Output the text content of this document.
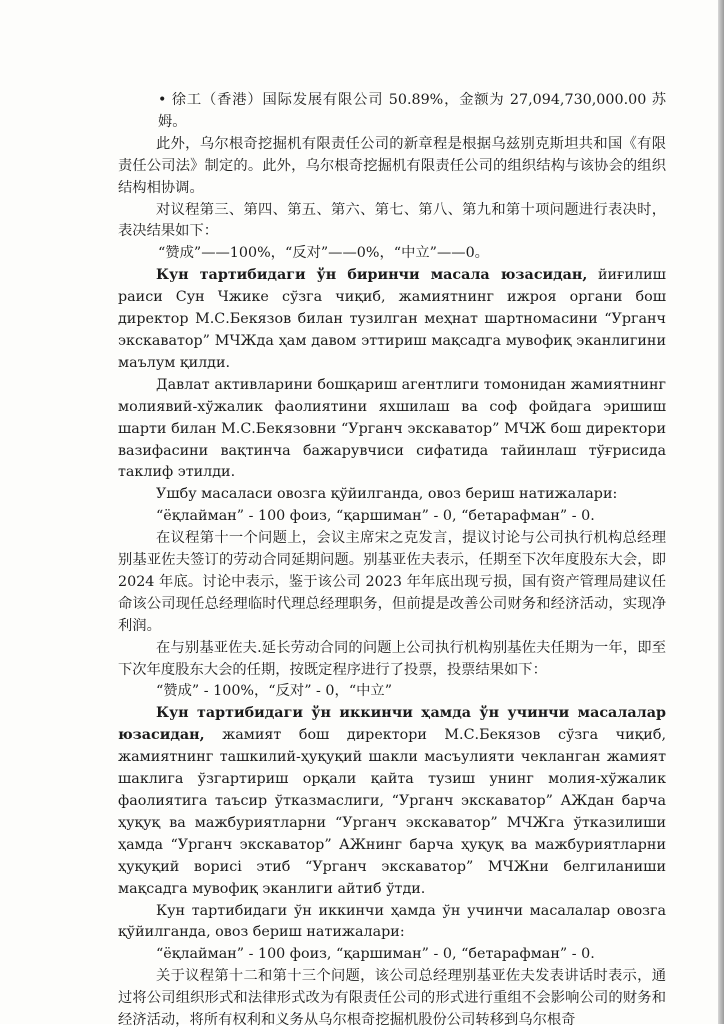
• 徐工（香港）国际发展有限公司 50.89%，金额为 27,094,730,000.00 苏姆。

此外，乌尔根奇挖掘机有限责任公司的新章程是根据乌兹别克斯坦共和国《有限责任公司法》制定的。此外，乌尔根奇挖掘机有限责任公司的组织结构与该协会的组织结构相协调。

对议程第三、第四、第五、第六、第七、第八、第九和第十项问题进行表决时，表决结果如下：

“赞成”——100%，“反对”——0%，“中立”——0。

Кун тартибидаги ўн биринчи масала юзасидан, йиғилиш раиси Сун Чжике сўзга чиқиб, жамиятнинг ижроя органи бош директор М.С.Бекязов билан тузилган меҳнат шартномасини “Урганч экскаватор” МЧЖда ҳам давом эттириш мақсадга мувофиқ эканлигини маълум қилди.

Давлат активларини бошқариш агентлиги томонидан жамиятнинг молиявий-хўжалик фаолиятини яхшилаш ва соф фойдага эришиш шарти билан М.С.Бекязовни “Урганч экскаватор” МЧЖ бош директори вазифасини вақтинча бажарувчиси сифатида тайинлаш тўғрисида таклиф этилди.

Ушбу масаласи овозга қўйилганда, овоз бериш натижалари:

“ёқлайман” - 100 фоиз, “қаршиман” - 0, “бетарафман” - 0.

在议程第十一个问题上，会议主席宋之克发言，提议讨论与公司执行机构总经理别基亚佐夫签订的劳动合同延期问题。别基亚佐夫表示，任期至下次年度股东大会，即 2024 年底。讨论中表示，鉴于该公司 2023 年年底出现亏损，国有资产管理局建议任命该公司现任总经理临时代理总经理职务，但前提是改善公司财务和经济活动，实现净利润。

在与别基亚佐夫.延长劳动合同的问题上公司执行机构别基佐夫任期为一年，即至下次年度股东大会的任期，按既定程序进行了投票，投票结果如下：

“赞成” - 100%，“反对” - 0，“中立”

Кун тартибидаги ўн иккинчи ҳамда ўн учинчи масалалар юзасидан, жамият бош директори М.С.Бекязов сўзга чиқиб, жамиятнинг ташкилий-ҳуқуқий шакли масъулияти чекланган жамият шаклига ўзгартириш орқали қайта тузиш унинг молия-хўжалик фаолиятига таъсир ўтказмаслиги, “Урганч экскаватор” АЖдан барча ҳуқуқ ва мажбуриятларни “Урганч экскаватор” МЧЖга ўтказилиши ҳамда “Урганч экскаватор” АЖнинг барча ҳуқуқ ва мажбуриятларни ҳуқуқий ворисі этиб “Урганч экскаватор” МЧЖни белгиланиши мақсадга мувофиқ эканлиги айтиб ўтди.

Кун тартибидаги ўн иккинчи ҳамда ўн учинчи масалалар овозга қўйилганда, овоз бериш натижалари:

“ёқлайман” - 100 фоиз, “қаршиман” - 0, “бетарафман” - 0.

关于议程第十二和第十三个问题，该公司总经理别基亚佐夫发表讲话时表示，通过将公司组织形式和法律形式改为有限责任公司的形式进行重组不会影响公司的财务和经济活动，将所有权利和义务从乌尔根奇挖掘机股份公司转移到乌尔根奇
